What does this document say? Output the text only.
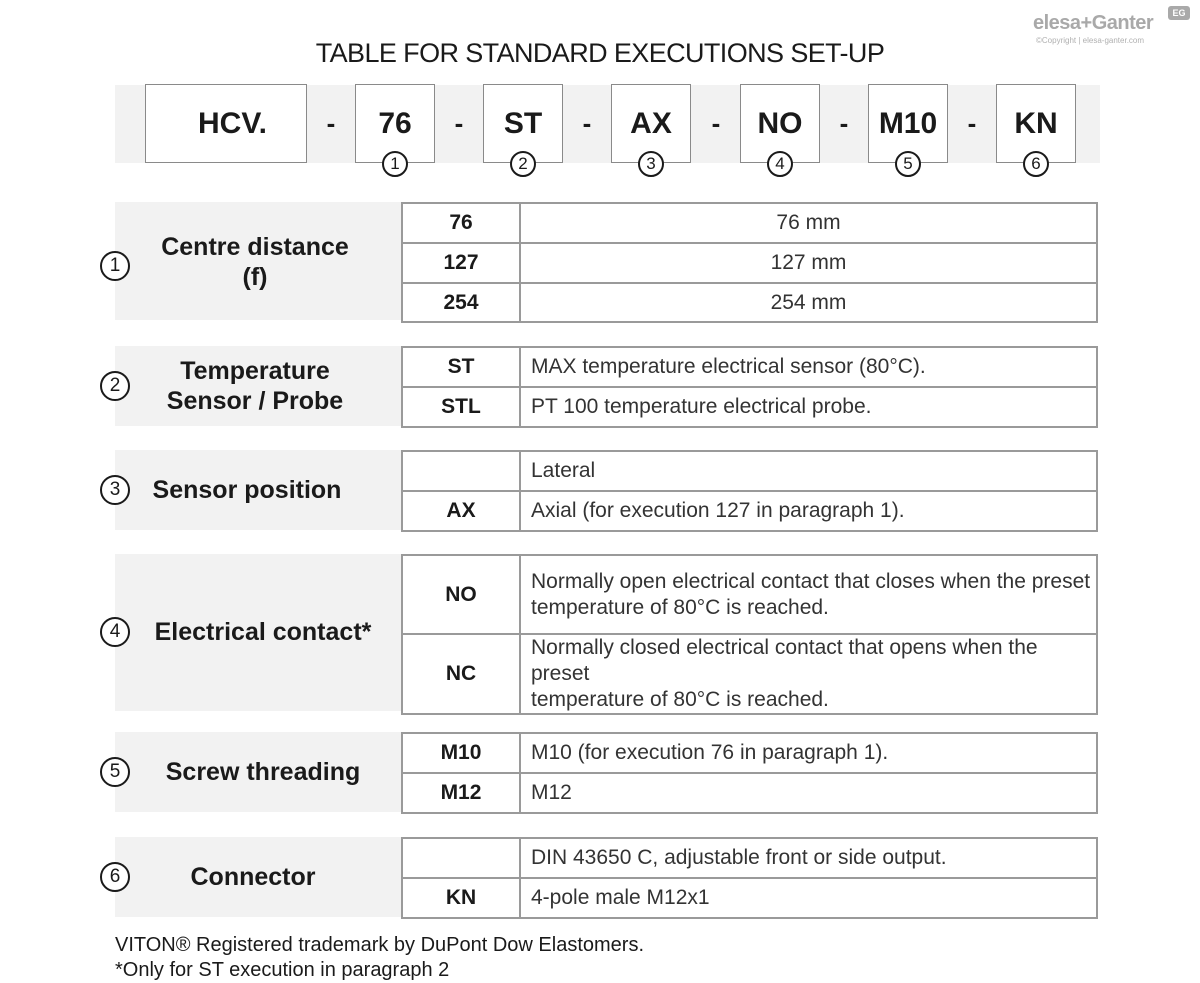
elesa+Ganter	EG
©Copyright | elesa-ganter.com
TABLE FOR STANDARD EXECUTIONS SET-UP
HCV.	-	76
1
-	ST
2
-	AX
3
-	NO
4
-	M10
5
-	KN
6
1
Centre distance
(f)
76	76 mm
127	127 mm
254	254 mm
2
Temperature
Sensor / Probe
ST	MAX temperature electrical sensor (80°C).
STL	PT 100 temperature electrical probe.
3	Sensor position
	Lateral
AX	Axial (for execution 127 in paragraph 1).
4	Electrical contact*
NO	Normally open electrical contact that closes when the preset
temperature of 80°C is reached.

NC	Normally closed electrical contact that opens when the preset
temperature of 80°C is reached.
5	Screw threading
M10	M10 (for execution 76 in paragraph 1).
M12	M12
6	Connector
	DIN 43650 C, adjustable front or side output.
KN	4-pole male M12x1
VITON® Registered trademark by DuPont Dow Elastomers.
*Only for ST execution in paragraph 2
